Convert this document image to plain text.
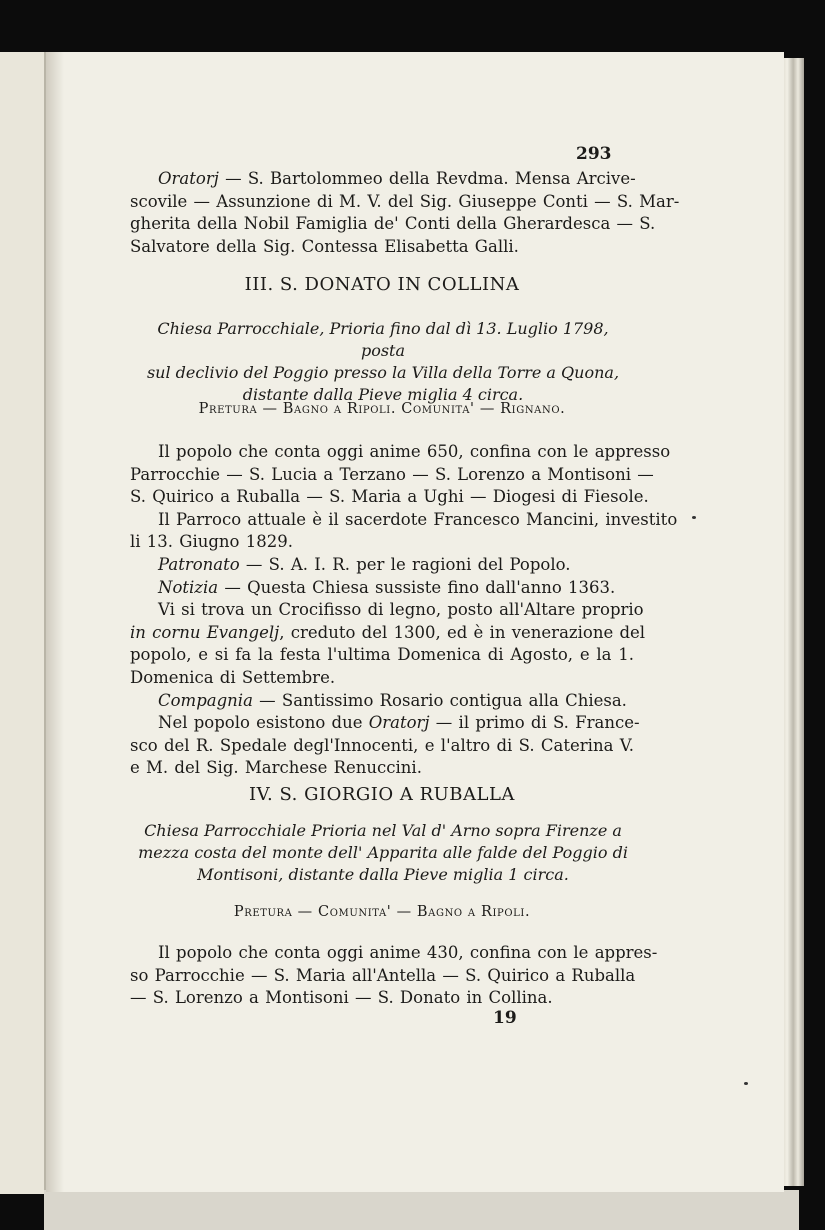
293
Oratorj — S. Bartolommeo della Revdma. Mensa Arcive-
scovile — Assunzione di M. V. del Sig. Giuseppe Conti — S. Mar-
gherita della Nobil Famiglia de' Conti della Gherardesca — S.
Salvatore della Sig. Contessa Elisabetta Galli.
III. S. DONATO IN COLLINA
Chiesa Parrocchiale, Prioria fino dal dì 13. Luglio 1798, posta
sul declivio del Poggio presso la Villa della Torre a Quona,
distante dalla Pieve miglia 4 circa.
Pretura — Bagno a Ripoli. Comunita' — Rignano.
Il popolo che conta oggi anime 650, confina con le appresso
Parrocchie — S. Lucia a Terzano — S. Lorenzo a Montisoni —
S. Quirico a Ruballa — S. Maria a Ughi — Diogesi di Fiesole.
Il Parroco attuale è il sacerdote Francesco Mancini, investito
li 13. Giugno 1829.
Patronato — S. A. I. R. per le ragioni del Popolo.
Notizia — Questa Chiesa sussiste fino dall'anno 1363.
Vi si trova un Crocifisso di legno, posto all'Altare proprio
in cornu Evangelj, creduto del 1300, ed è in venerazione del
popolo, e si fa la festa l'ultima Domenica di Agosto, e la 1.
Domenica di Settembre.
Compagnia — Santissimo Rosario contigua alla Chiesa.
Nel popolo esistono due Oratorj — il primo di S. France-
sco del R. Spedale degl'Innocenti, e l'altro di S. Caterina V.
e M. del Sig. Marchese Renuccini.
IV. S. GIORGIO A RUBALLA
Chiesa Parrocchiale Prioria nel Val d' Arno sopra Firenze a
mezza costa del monte dell' Apparita alle falde del Poggio di
Montisoni, distante dalla Pieve miglia 1 circa.
Pretura — Comunita' — Bagno a Ripoli.
Il popolo che conta oggi anime 430, confina con le appres-
so Parrocchie — S. Maria all'Antella — S. Quirico a Ruballa
— S. Lorenzo a Montisoni — S. Donato in Collina.
19
